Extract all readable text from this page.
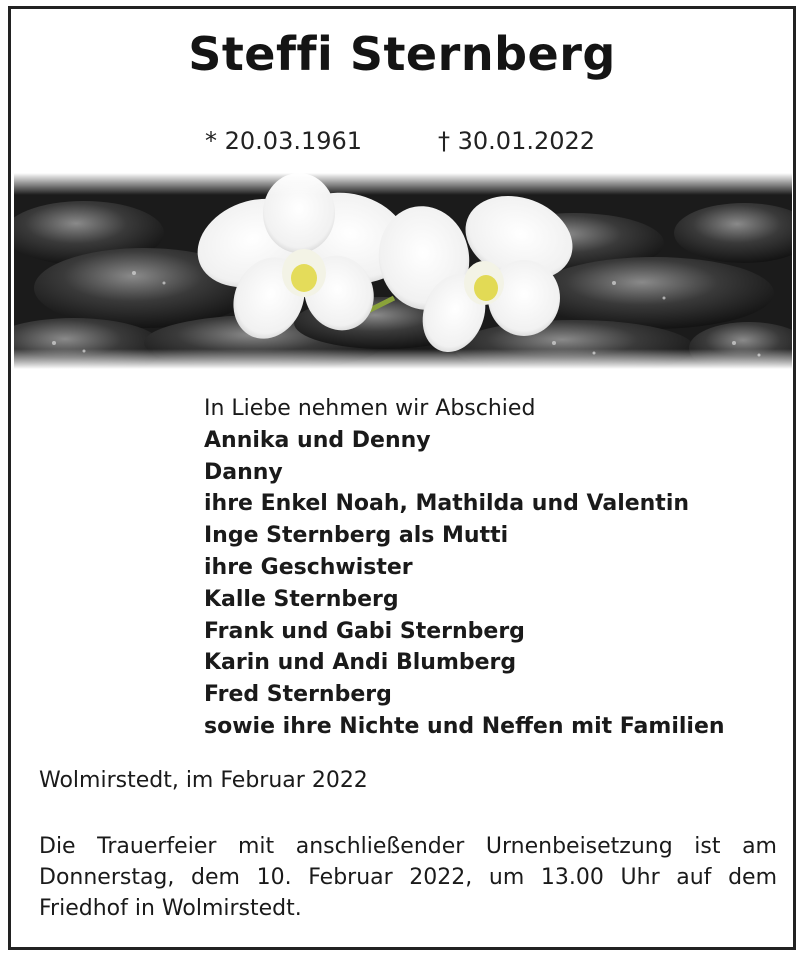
Steffi Sternberg
* 20.03.1961	† 30.01.2022
In Liebe nehmen wir Abschied
Annika und Denny
Danny
ihre Enkel Noah, Mathilda und Valentin
Inge Sternberg als Mutti
ihre Geschwister
Kalle Sternberg
Frank und Gabi Sternberg
Karin und Andi Blumberg
Fred Sternberg
sowie ihre Nichte und Neffen mit Familien
Wolmirstedt, im Februar 2022
Die Trauerfeier mit anschließender Urnenbeisetzung ist am Donnerstag, dem 10. Februar 2022, um 13.00 Uhr auf dem Friedhof in Wolmirstedt.
